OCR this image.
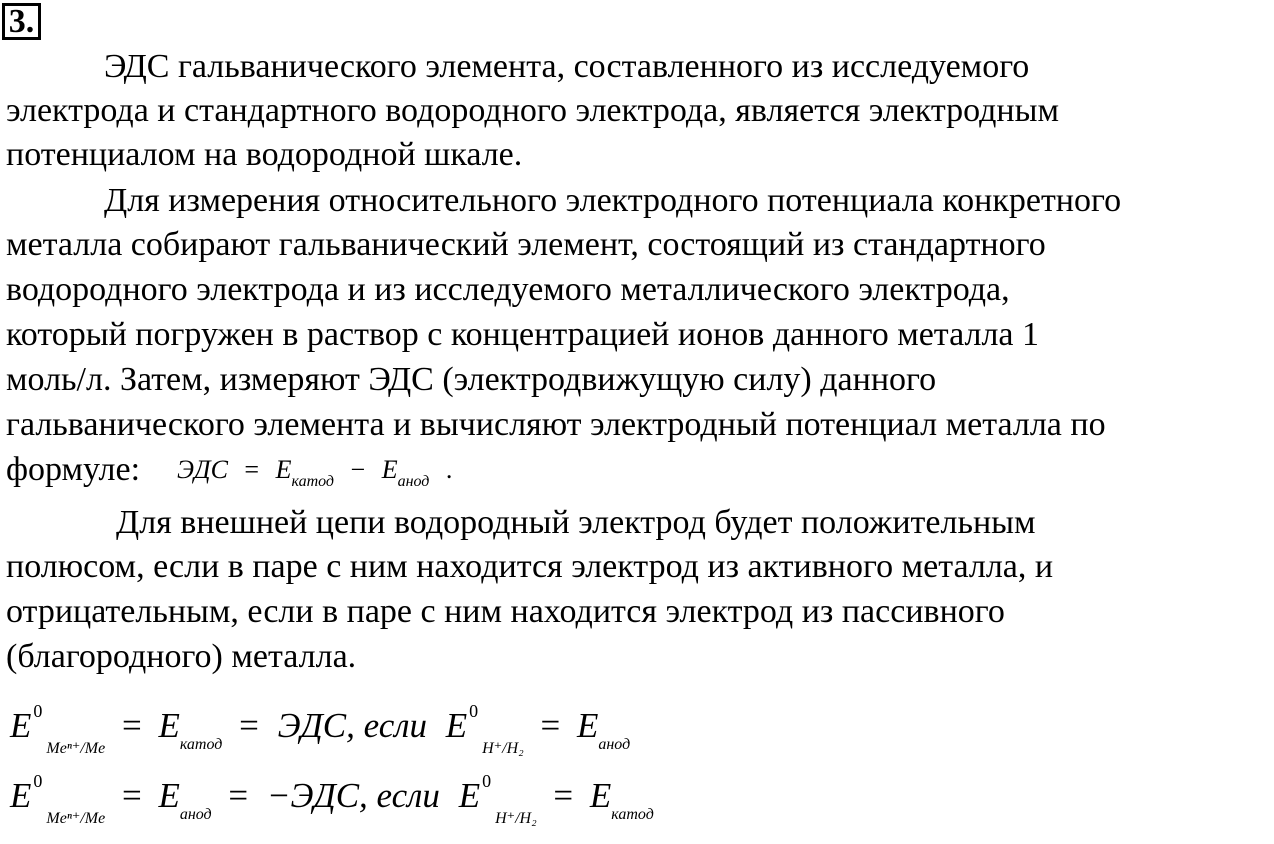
3.
ЭДС гальванического элемента, составленного из исследуемого
электрода и стандартного водородного электрода, является электродным
потенциалом на водородной шкале.
Для измерения относительного электродного потенциала конкретного
металла собирают гальванический элемент, состоящий из стандартного
водородного электрода и из исследуемого металлического электрода,
который погружен в раствор с концентрацией ионов данного металла 1
моль/л. Затем, измеряют ЭДС (электродвижущую силу) данного
гальванического элемента и вычисляют электродный потенциал металла по
формуле: ЭДС = $E_{катод} - E_{анод}$ .
Для внешней цепи водородный электрод будет положительным
полюсом, если в паре с ним находится электрод из активного металла, и
отрицательным, если в паре с ним находится электрод из пассивного
(благородного) металла.
E $^0_{Me^{n+}/Me} = E_{катод}$ = ЭДС, если E $^0_{H^+/H_2} = E_{анод}$
E $^0_{Me^{n+}/Me} = E_{анод} = -ЭДС$, если E $^0_{H^+/H_2} = E_{катод}$
